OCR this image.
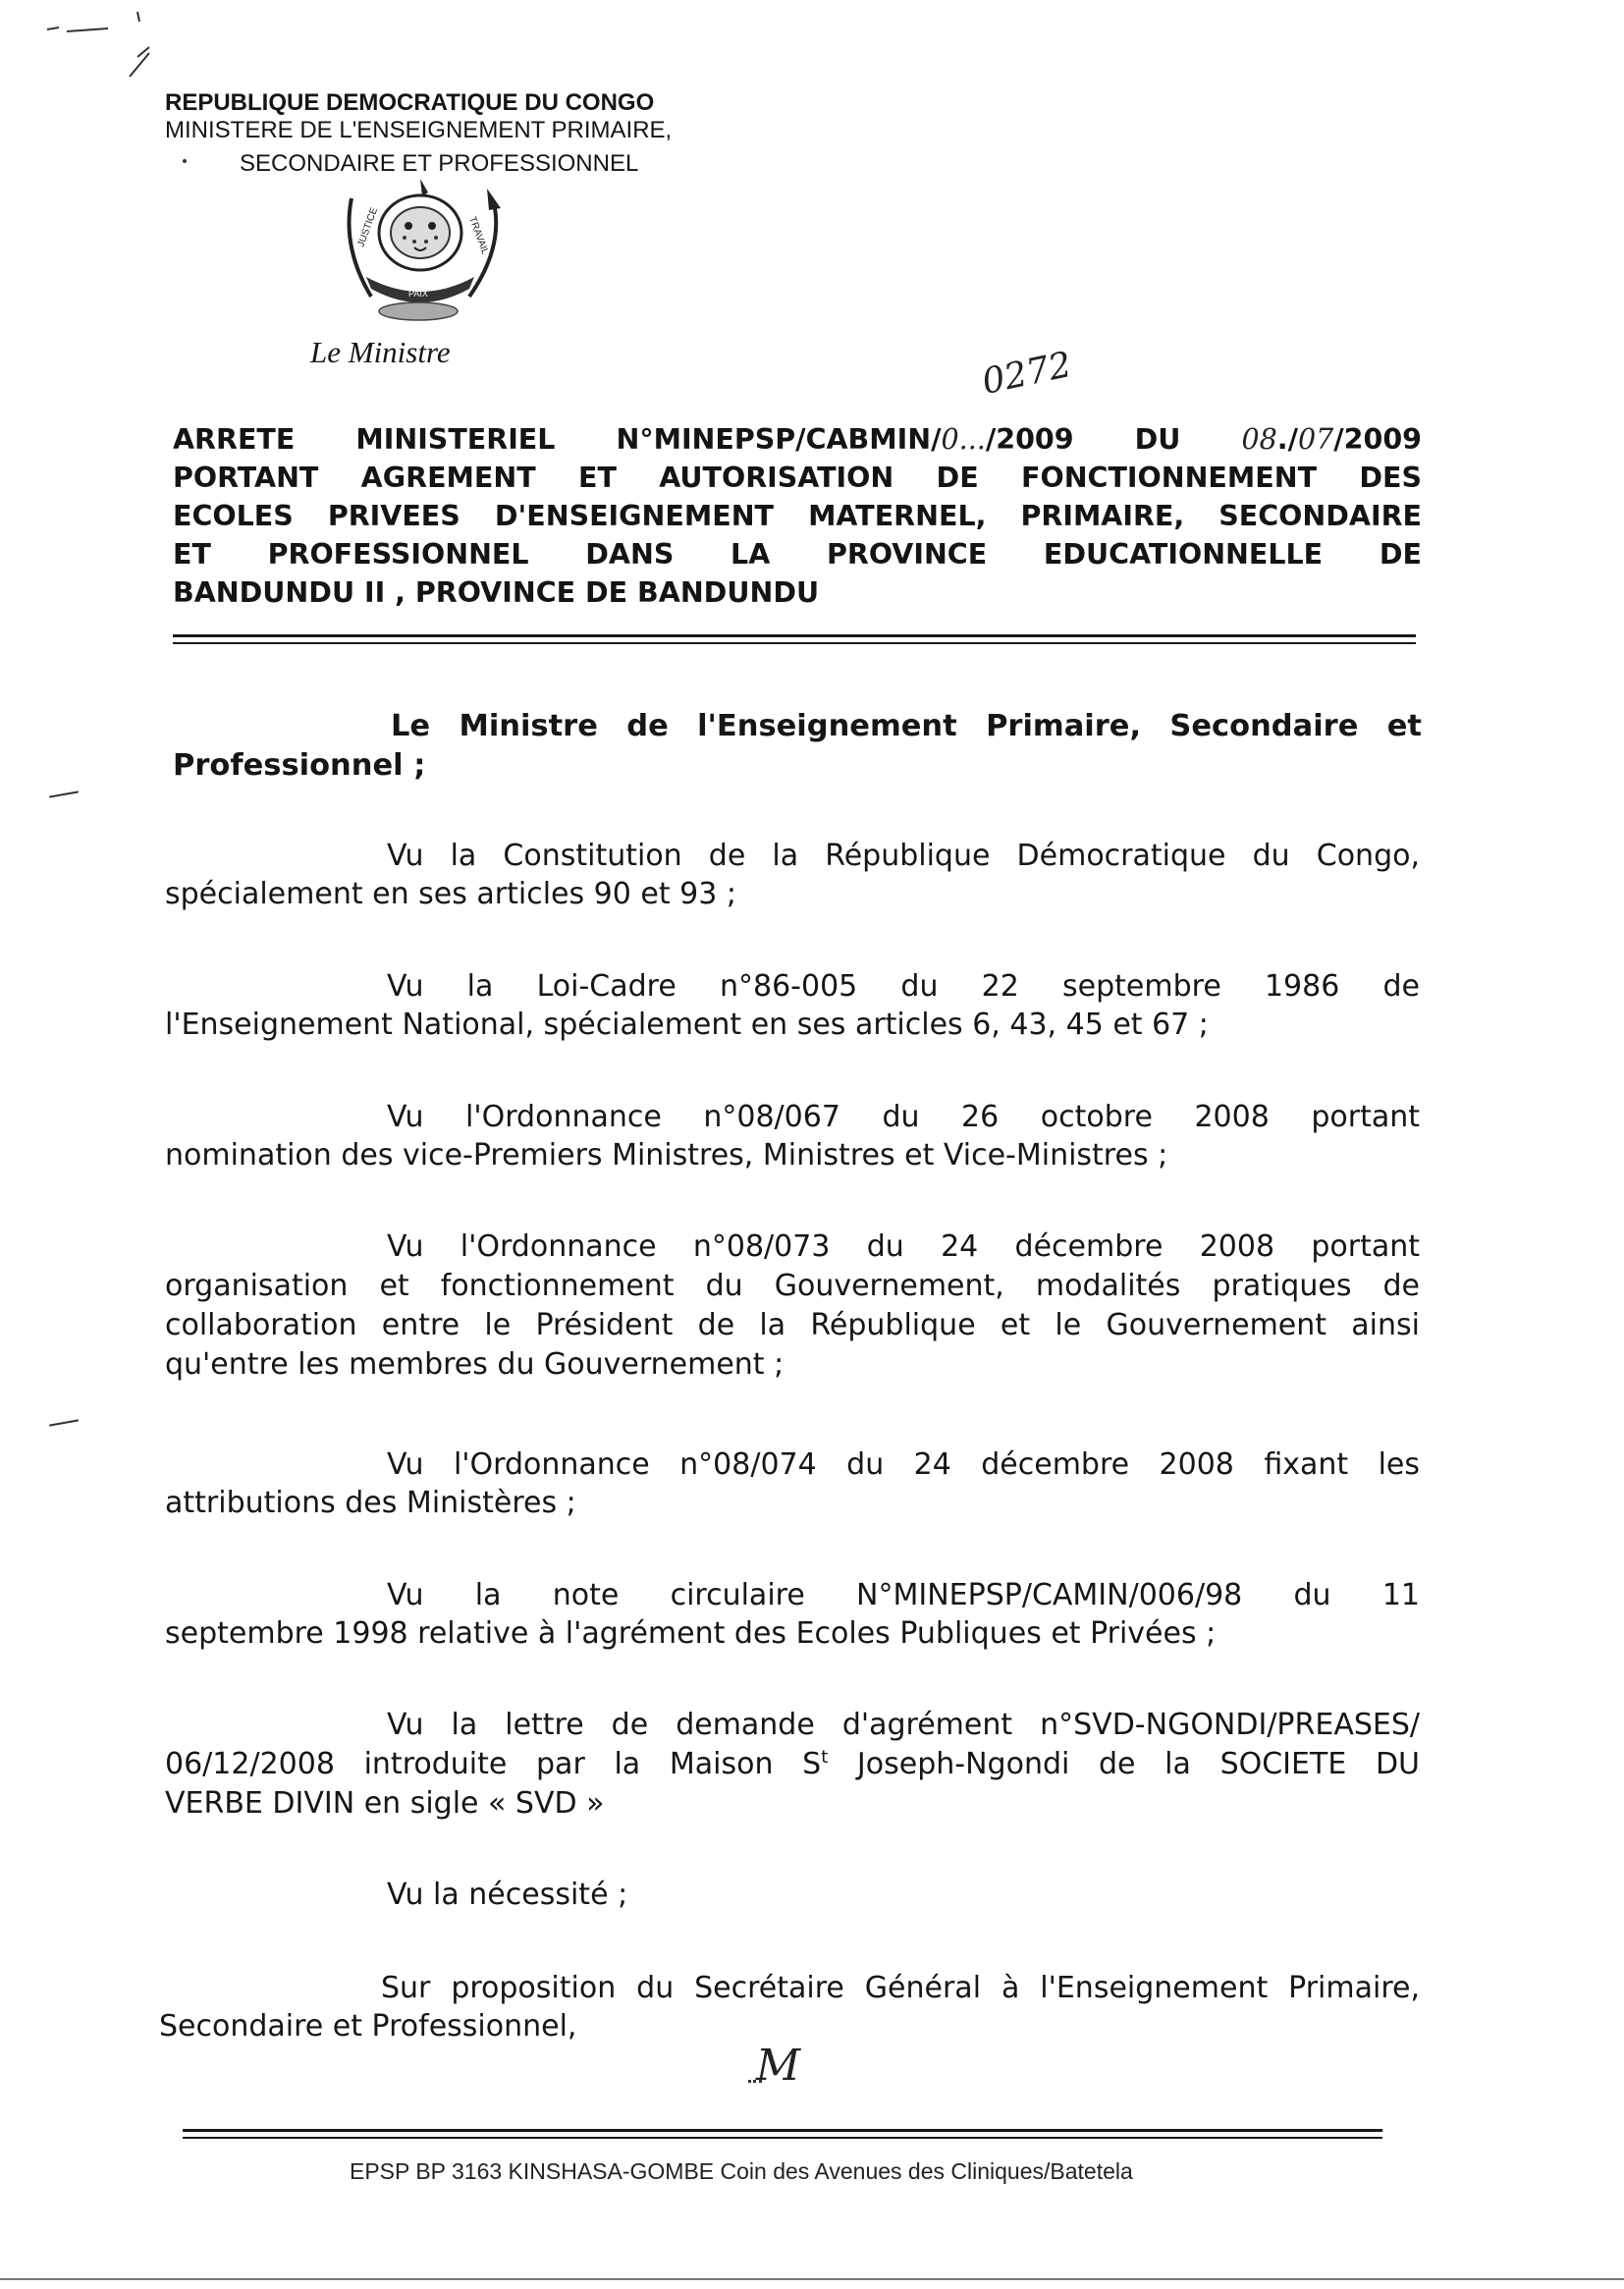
REPUBLIQUE DEMOCRATIQUE DU CONGO
MINISTERE DE L'ENSEIGNEMENT PRIMAIRE,
SECONDAIRE ET PROFESSIONNEL
JUSTICE	TRAVAIL
PAIX
Le Ministre	0272
ARRETE MINISTERIEL N°MINEPSP/CABMIN/0.../2009 DU 08./07/2009
PORTANT AGREMENT ET AUTORISATION DE FONCTIONNEMENT DES
ECOLES PRIVEES D'ENSEIGNEMENT MATERNEL, PRIMAIRE, SECONDAIRE
ET PROFESSIONNEL DANS LA PROVINCE EDUCATIONNELLE DE
BANDUNDU II , PROVINCE DE BANDUNDU
Le Ministre de l'Enseignement Primaire, Secondaire et
Professionnel ;
Vu la Constitution de la République Démocratique du Congo,
spécialement en ses articles 90 et 93 ;
Vu la Loi-Cadre n°86-005 du 22 septembre 1986 de
l'Enseignement National, spécialement en ses articles 6, 43, 45 et 67 ;
Vu l'Ordonnance n°08/067 du 26 octobre 2008 portant
nomination des vice-Premiers Ministres, Ministres et Vice-Ministres ;
Vu l'Ordonnance n°08/073 du 24 décembre 2008 portant
organisation et fonctionnement du Gouvernement, modalités pratiques de
collaboration entre le Président de la République et le Gouvernement ainsi
qu'entre les membres du Gouvernement ;
Vu l'Ordonnance n°08/074 du 24 décembre 2008 fixant les
attributions des Ministères ;
Vu la note circulaire N°MINEPSP/CAMIN/006/98 du 11
septembre 1998 relative à l'agrément des Ecoles Publiques et Privées ;
Vu la lettre de demande d'agrément n°SVD-NGONDI/PREASES/
06/12/2008 introduite par la Maison $S^t$ Joseph-Ngondi de la SOCIETE DU
VERBE DIVIN en sigle « SVD »
Vu la nécessité ;
Sur proposition du Secrétaire Général à l'Enseignement Primaire,
Secondaire et Professionnel,
M
EPSP BP 3163 KINSHASA-GOMBE Coin des Avenues des Cliniques/Batetela
